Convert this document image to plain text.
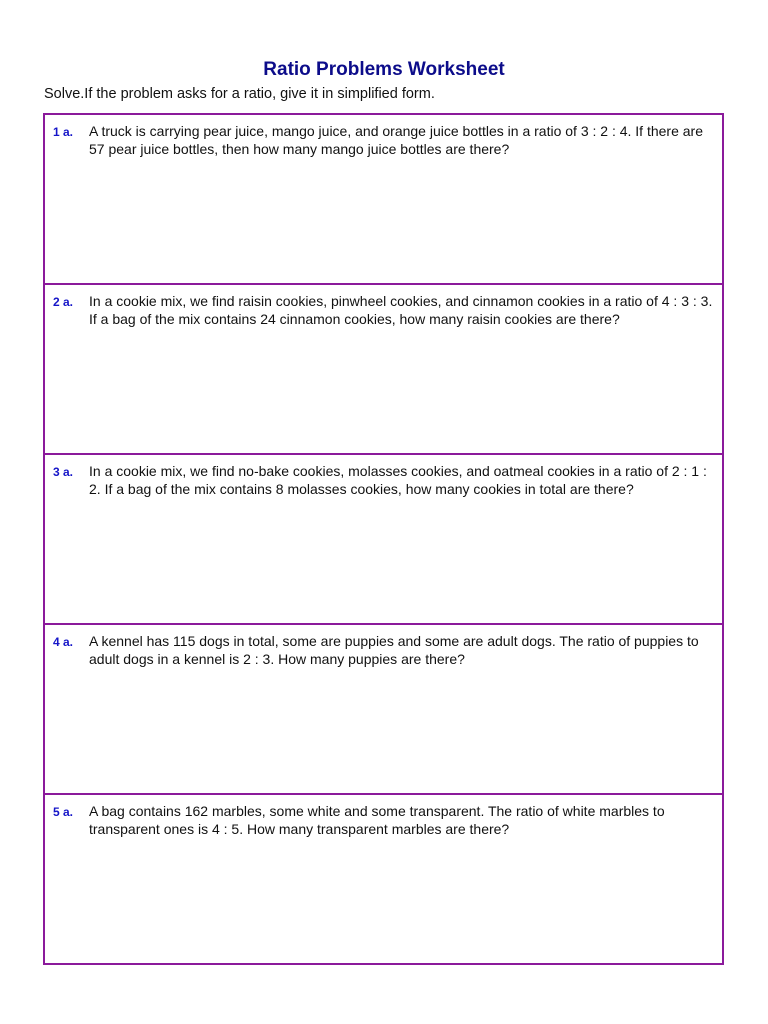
Ratio Problems Worksheet
Solve.If the problem asks for a ratio, give it in simplified form.
1 a. A truck is carrying pear juice, mango juice, and orange juice bottles in a ratio of 3 : 2 : 4. If there are 57 pear juice bottles, then how many mango juice bottles are there?
2 a. In a cookie mix, we find raisin cookies, pinwheel cookies, and cinnamon cookies in a ratio of 4 : 3 : 3. If a bag of the mix contains 24 cinnamon cookies, how many raisin cookies are there?
3 a. In a cookie mix, we find no-bake cookies, molasses cookies, and oatmeal cookies in a ratio of 2 : 1 : 2. If a bag of the mix contains 8 molasses cookies, how many cookies in total are there?
4 a. A kennel has 115 dogs in total, some are puppies and some are adult dogs. The ratio of puppies to adult dogs in a kennel is 2 : 3. How many puppies are there?
5 a. A bag contains 162 marbles, some white and some transparent. The ratio of white marbles to transparent ones is 4 : 5. How many transparent marbles are there?
